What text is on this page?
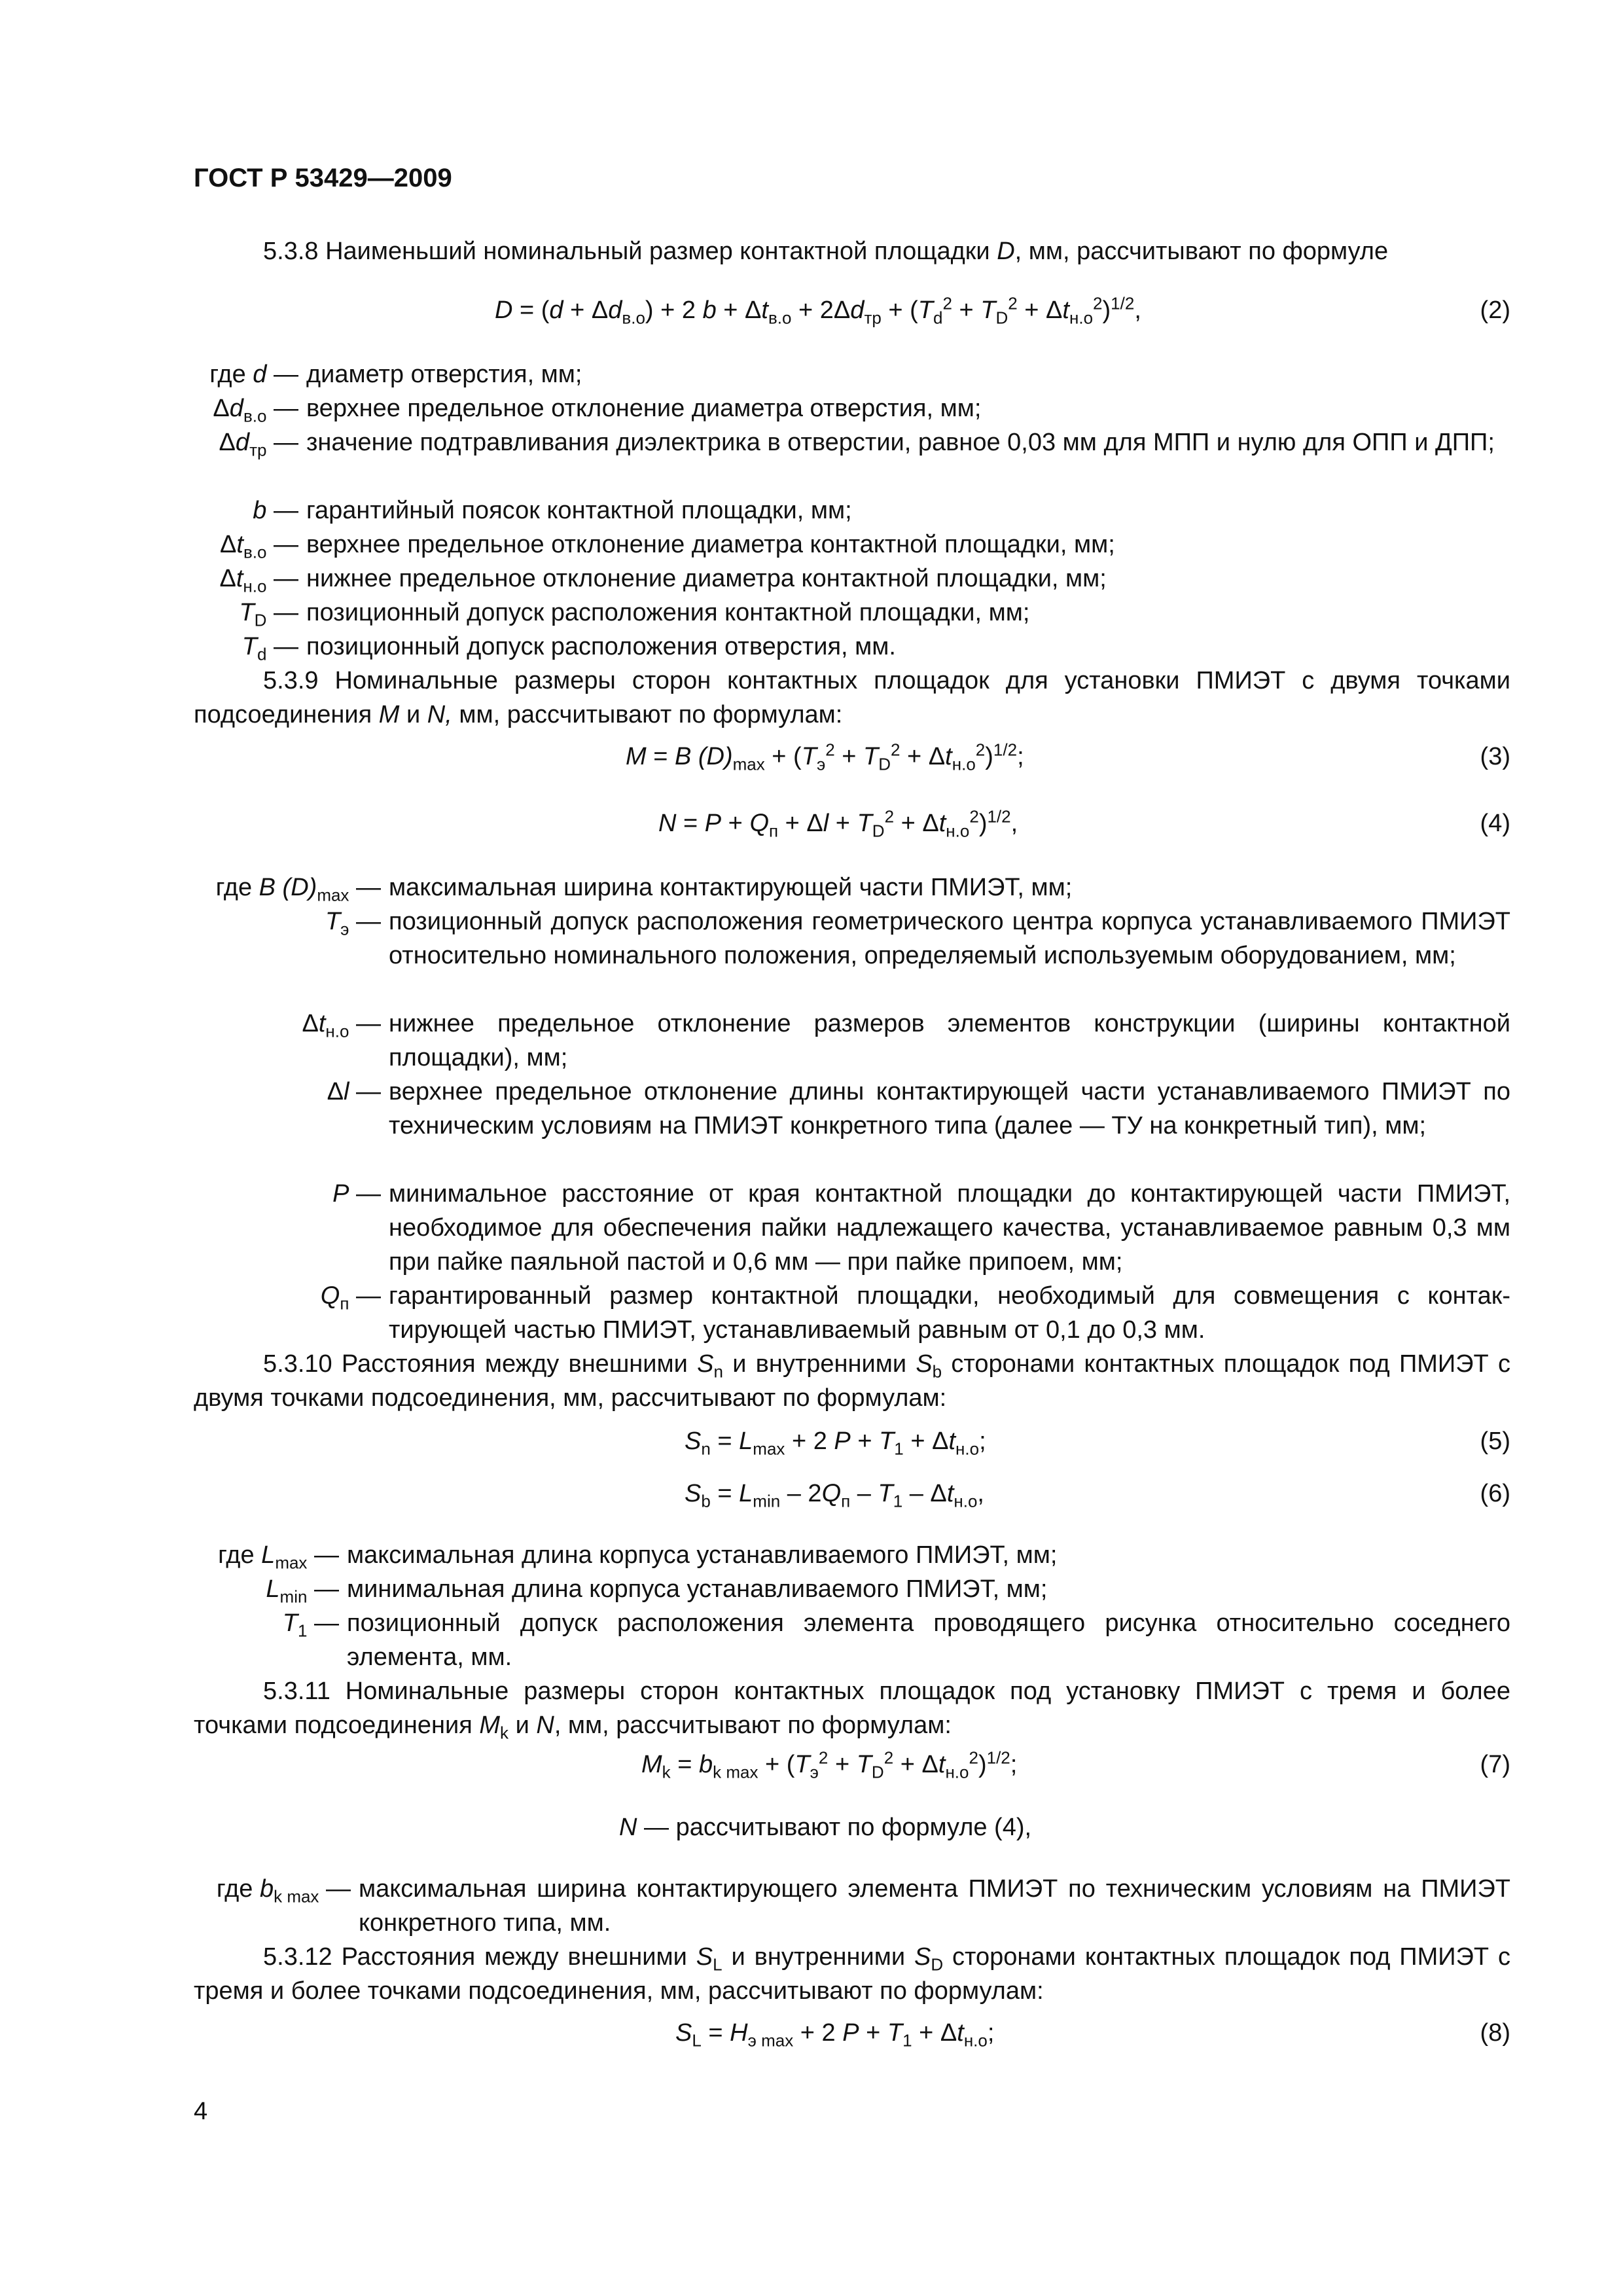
ГОСТ Р 53429—2009
5.3.8 Наименьший номинальный размер контактной площадки D, мм, рассчитывают по формуле
$D = (d + \Delta d_{в.о}) + 2$ $b + \Delta t_{в.о} + 2\Delta d_{тр} + (T_d^2 + T_D^2 + \Delta t_{н.о}^2)^{1/2}$,	(2)
где d — диаметр отверстия, мм;
$\Delta d_{в.о}$ — верхнее предельное отклонение диаметра отверстия, мм;
$\Delta d_{тр}$ — значение подтравливания диэлектрика в отверстии, равное 0,03 мм для МПП и нулю для ОПП и ДПП;
b — гарантийный поясок контактной площадки, мм;
$\Delta t_{в.о}$ — верхнее предельное отклонение диаметра контактной площадки, мм;
$\Delta t_{н.о}$ — нижнее предельное отклонение диаметра контактной площадки, мм;
$T_D$ — позиционный допуск расположения контактной площадки, мм;
$T_d$ — позиционный допуск расположения отверстия, мм.
5.3.9 Номинальные размеры сторон контактных площадок для установки ПМИЭТ с двумя точками подсоединения M и N, мм, рассчитывают по формулам:
M = B $(D)_{max} + (T_э^2 + T_D^2 + \Delta t_{н.о}^2)^{1/2}$;	(3)
$N = P + Q_п + \Delta l + T_D^2 + \Delta t_{н.о}^2)^{1/2}$,	(4)
где B $(D)_{max}$ — максимальная ширина контактирующей части ПМИЭТ, мм;
$T_э$ — позиционный допуск расположения геометрического центра корпуса устанавливаемого ПМИЭТ относительно номинального положения, определяемый используемым оборудованием, мм;
$\Delta t_{н.о}$ — нижнее предельное отклонение размеров элементов конструкции (ширины контактной площадки), мм;
Δl — верхнее предельное отклонение длины контактирующей части устанавливаемого ПМИЭТ по техническим условиям на ПМИЭТ конкретного типа (далее — ТУ на конкретный тип), мм;
P — минимальное расстояние от края контактной площадки до контактирующей части ПМИЭТ, необходимое для обеспечения пайки надлежащего качества, устанавливаемое равным 0,3 мм при пайке паяльной пастой и 0,6 мм — при пайке припоем, мм;
$Q_п$ — гарантированный размер контактной площадки, необходимый для совмещения с контактирующей частью ПМИЭТ, устанавливаемый равным от 0,1 до 0,3 мм.
5.3.10 Расстояния между внешними $S_n$ и внутренними $S_b$ сторонами контактных площадок под ПМИЭТ с двумя точками подсоединения, мм, рассчитывают по формулам:
$S_n = L_{max} + 2$ $P + T_1 + \Delta t_{н.о}$;	(5)
$S_b = L_{min} - 2Q_п - T_1 - \Delta t_{н.о}$,	(6)
где $L_{max}$ — максимальная длина корпуса устанавливаемого ПМИЭТ, мм;
$L_{min}$ — минимальная длина корпуса устанавливаемого ПМИЭТ, мм;
$T_1$ — позиционный допуск расположения элемента проводящего рисунка относительно соседнего элемента, мм.
5.3.11 Номинальные размеры сторон контактных площадок под установку ПМИЭТ с тремя и более точками подсоединения $M_k$ и N, мм, рассчитывают по формулам:
$M_k = b_{k max} + (T_э^2 + T_D^2 + \Delta t_{н.о}^2)^{1/2}$;	(7)
N — рассчитывают по формуле (4),
где $b_{k max}$ — максимальная ширина контактирующего элемента ПМИЭТ по техническим условиям на ПМИЭТ конкретного типа, мм.
5.3.12 Расстояния между внешними $S_L$ и внутренними $S_D$ сторонами контактных площадок под ПМИЭТ с тремя и более точками подсоединения, мм, рассчитывают по формулам:
$S_L = H_{э max} + 2$ $P + T_1 + \Delta t_{н.о}$;	(8)
4
